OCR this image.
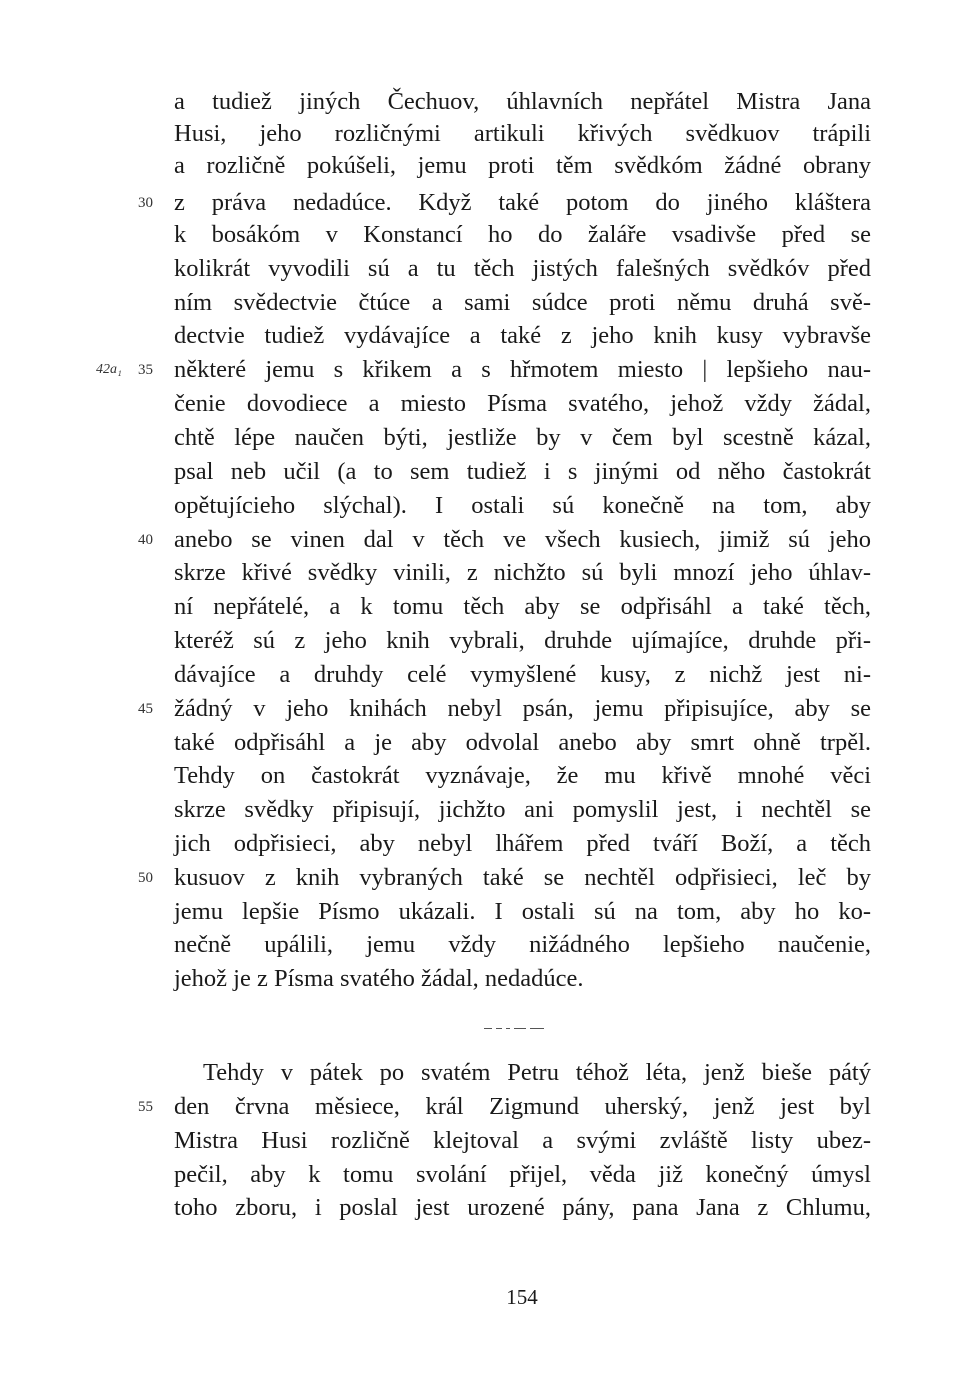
a tudiež jiných Čechuov, úhlavních nepřátel Mistra Jana
Husi, jeho rozličnými artikuli křivých svědkuov trápili
a rozličně pokúšeli, jemu proti těm svědkóm žádné obrany
z práva nedadúce. Když také potom do jiného kláštera
k bosákóm v Konstancí ho do žaláře vsadivše před se
kolikrát vyvodili sú a tu těch jistých falešných svědkóv před
ním svědectvie čtúce a sami súdce proti němu druhá svě-
dectvie tudiež vydávajíce a také z jeho knih kusy vybravše
některé jemu s křikem a s hřmotem miesto | lepšieho nau-
čenie dovodiece a miesto Písma svatého, jehož vždy žádal,
chtě lépe naučen býti, jestliže by v čem byl scestně kázal,
psal neb učil (a to sem tudiež i s jinými od něho častokrát
opětujícieho slýchal). I ostali sú konečně na tom, aby
anebo se vinen dal v těch ve všech kusiech, jimiž sú jeho
skrze křivé svědky vinili, z nichžto sú byli mnozí jeho úhlav-
ní nepřátelé, a k tomu těch aby se odpřisáhl a také těch,
kteréž sú z jeho knih vybrali, druhde ujímajíce, druhde při-
dávajíce a druhdy celé vymyšlené kusy, z nichž jest ni-
žádný v jeho knihách nebyl psán, jemu připisujíce, aby se
také odpřisáhl a je aby odvolal anebo aby smrt ohně trpěl.
Tehdy on častokrát vyznávaje, že mu křivě mnohé věci
skrze svědky připisují, jichžto ani pomyslil jest, i nechtěl se
jich odpřisieci, aby nebyl lhářem před tváří Boží, a těch
kusuov z knih vybraných také se nechtěl odpřisieci, leč by
jemu lepšie Písmo ukázali. I ostali sú na tom, aby ho ko-
nečně upálili, jemu vždy nižádného lepšieho naučenie,
jehož je z Písma svatého žádal, nedadúce.
Tehdy v pátek po svatém Petru téhož léta, jenž bieše pátý
den črvna měsiece, král Zigmund uherský, jenž jest byl
Mistra Husi rozličně klejtoval a svými zvláště listy ubez-
pečil, aby k tomu svolání přijel, věda již konečný úmysl
toho zboru, i poslal jest urozené pány, pana Jana z Chlumu,
30
35
40
45
50
55
42a₁
154
